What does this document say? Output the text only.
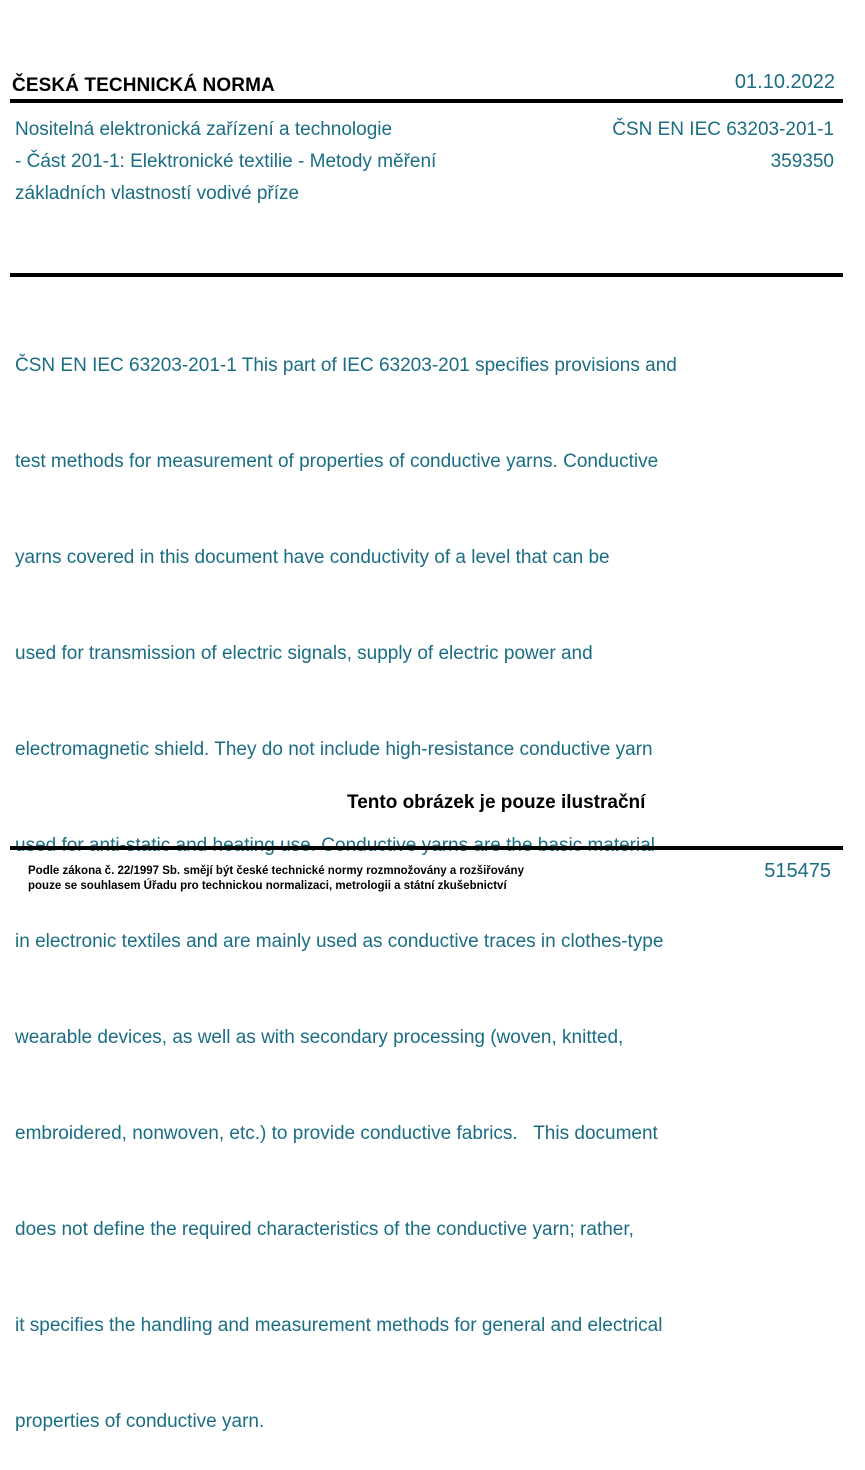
ČESKÁ TECHNICKÁ NORMA	01.10.2022
Nositelná elektronická zařízení a technologie
- Část 201-1: Elektronické textilie - Metody měření
základních vlastností vodivé příze
ČSN EN IEC 63203-201-1
359350

ČSN EN IEC 63203-201-1 This part of IEC 63203-201 specifies provisions and

test methods for measurement of properties of conductive yarns. Conductive

yarns covered in this document have conductivity of a level that can be

used for transmission of electric signals, supply of electric power and

electromagnetic shield. They do not include high-resistance conductive yarn

in electronic textiles and are mainly used as conductive traces in clothes-type

wearable devices, as well as with secondary processing (woven, knitted,

embroidered, nonwoven, etc.) to provide conductive fabrics.   This document

does not define the required characteristics of the conductive yarn; rather,

it specifies the handling and measurement methods for general and electrical

properties of conductive yarn.

Tento obrázek je pouze ilustrační
Podle zákona č. 22/1997 Sb. smějí být české technické normy rozmnožovány a rozšiřovány
pouze se souhlasem Úřadu pro technickou normalizaci, metrologii a státní zkušebnictví
515475
